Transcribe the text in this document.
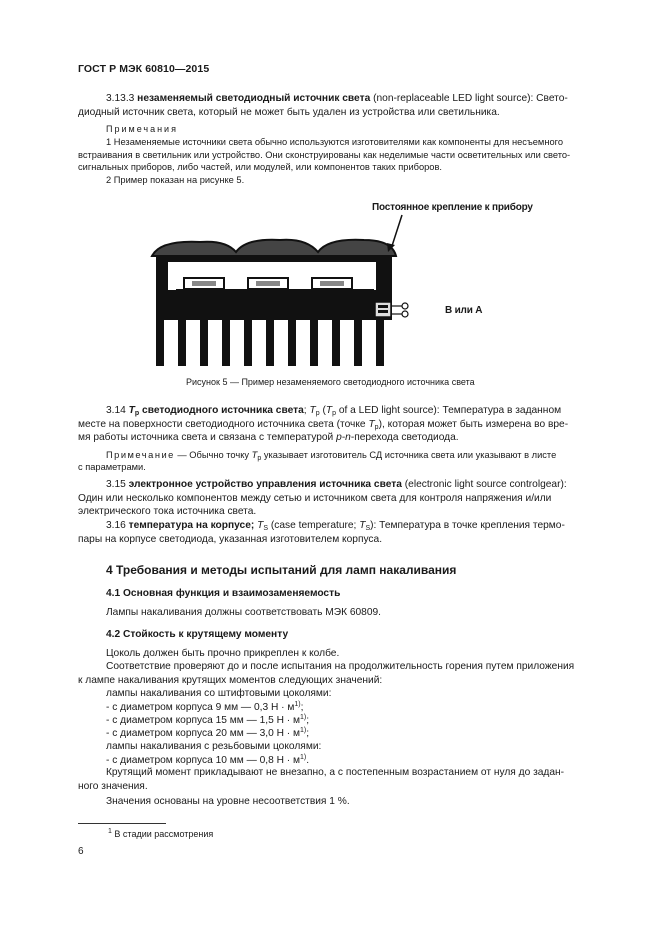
ГОСТ Р МЭК 60810—2015
3.13.3 незаменяемый светодиодный источник света (non-replaceable LED light source): Свето-
диодный источник света, который не может быть удален из устройства или светильника.
Примечания
1 Незаменяемые источники света обычно используются изготовителями как компоненты для несъемного
встраивания в светильник или устройство. Они сконструированы как неделимые части осветительных или свето-
сигнальных приборов, либо частей, или модулей, или компонентов таких приборов.
2 Пример показан на рисунке 5.
Постоянное крепление к прибору
В или А
Рисунок 5 — Пример незаменяемого светодиодного источника света
3.14 $T_p$ светодиодного источника света; $T_p$ ($T_p$ of a LED light source): Температура в заданном
месте на поверхности светодиодного источника света (точке $T_p$), которая может быть измерена во вре-
мя работы источника света и связана с температурой p-n-перехода светодиода.
Примечание — Обычно точку $T_p$ указывает изготовитель СД источника света или указывают в листе
с параметрами.
3.15 электронное устройство управления источника света (electronic light source controlgear):
Один или несколько компонентов между сетью и источником света для контроля напряжения и/или
электрического тока источника света.
3.16 температура на корпусе; $T_S$ (case temperature; $T_S$): Температура в точке крепления термо-
пары на корпусе светодиода, указанная изготовителем корпуса.
4 Требования и методы испытаний для ламп накаливания
4.1 Основная функция и взаимозаменяемость
Лампы накаливания должны соответствовать МЭК 60809.
4.2 Стойкость к крутящему моменту
Цоколь должен быть прочно прикреплен к колбе.
Соответствие проверяют до и после испытания на продолжительность горения путем приложения
к лампе накаливания крутящих моментов следующих значений:
лампы накаливания со штифтовыми цоколями:
- с диаметром корпуса 9 мм — 0,3 $Н \cdot м^{1)}$;
- с диаметром корпуса 15 мм — 1,5 $Н \cdot м^{1)}$;
- с диаметром корпуса 20 мм — 3,0 $Н \cdot м^{1)}$;
лампы накаливания с резьбовыми цоколями:
- с диаметром корпуса 10 мм — 0,8 $Н \cdot м^{1)}$.
Крутящий момент прикладывают не внезапно, а с постепенным возрастанием от нуля до задан-
ного значения.
Значения основаны на уровне несоответствия 1 %.
$^1$ В стадии рассмотрения
6
